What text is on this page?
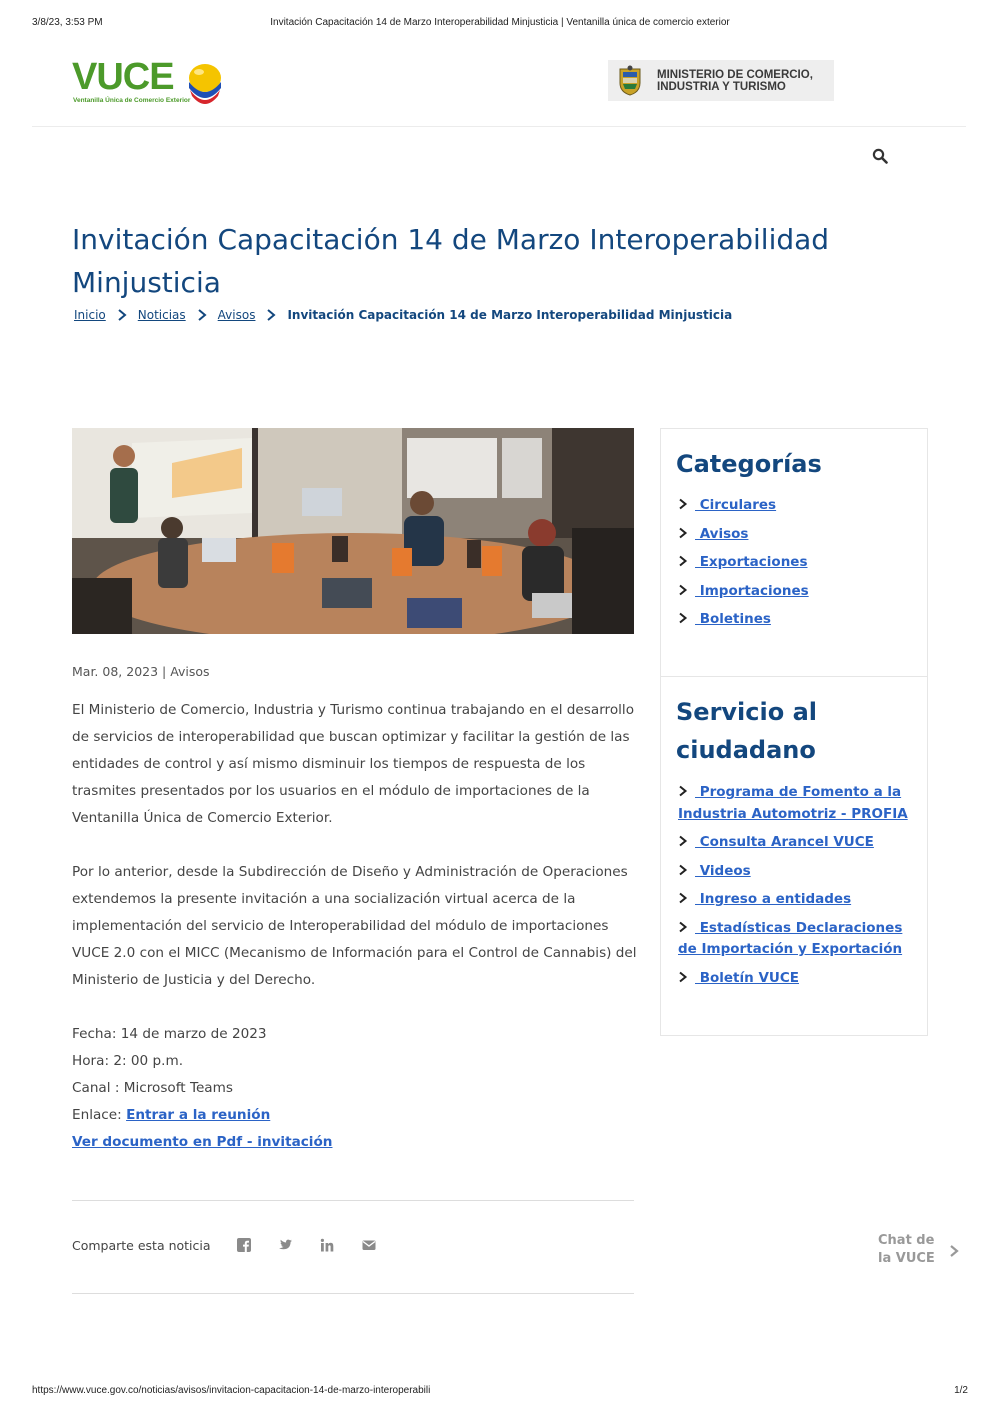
3/8/23, 3:53 PM	Invitación Capacitación 14 de Marzo Interoperabilidad Minjusticia | Ventanilla única de comercio exterior
VUCE
Ventanilla Única de Comercio Exterior
MINISTERIO DE COMERCIO,
INDUSTRIA Y TURISMO
Invitación Capacitación 14 de Marzo Interoperabilidad Minjusticia
Inicio	Noticias	Avisos	Invitación Capacitación 14 de Marzo Interoperabilidad Minjusticia
Mar. 08, 2023 | Avisos

El Ministerio de Comercio, Industria y Turismo continua trabajando en el desarrollo de servicios de interoperabilidad que buscan optimizar y facilitar la gestión de las entidades de control y así mismo disminuir los tiempos de respuesta de los trasmites presentados por los usuarios en el módulo de importaciones de la Ventanilla Única de Comercio Exterior.

Por lo anterior, desde la Subdirección de Diseño y Administración de Operaciones extendemos la presente invitación a una socialización virtual acerca de la implementación del servicio de Interoperabilidad del módulo de importaciones VUCE 2.0 con el MICC (Mecanismo de Información para el Control de Cannabis) del Ministerio de Justicia y del Derecho.

Fecha: 14 de marzo de 2023
Hora: 2: 00 p.m.
Canal : Microsoft Teams
Enlace: Entrar a la reunión
Ver documento en Pdf - invitación
Comparte esta noticia
Categorías
Circulares
Avisos
Exportaciones
Importaciones
Boletines
Servicio al
ciudadano
Programa de Fomento a la Industria Automotriz - PROFIA
Consulta Arancel VUCE
Videos
Ingreso a entidades
Estadísticas Declaraciones de Importación y Exportación
Boletín VUCE
Chat de
la VUCE
https://www.vuce.gov.co/noticias/avisos/invitacion-capacitacion-14-de-marzo-interoperabili	1/2
